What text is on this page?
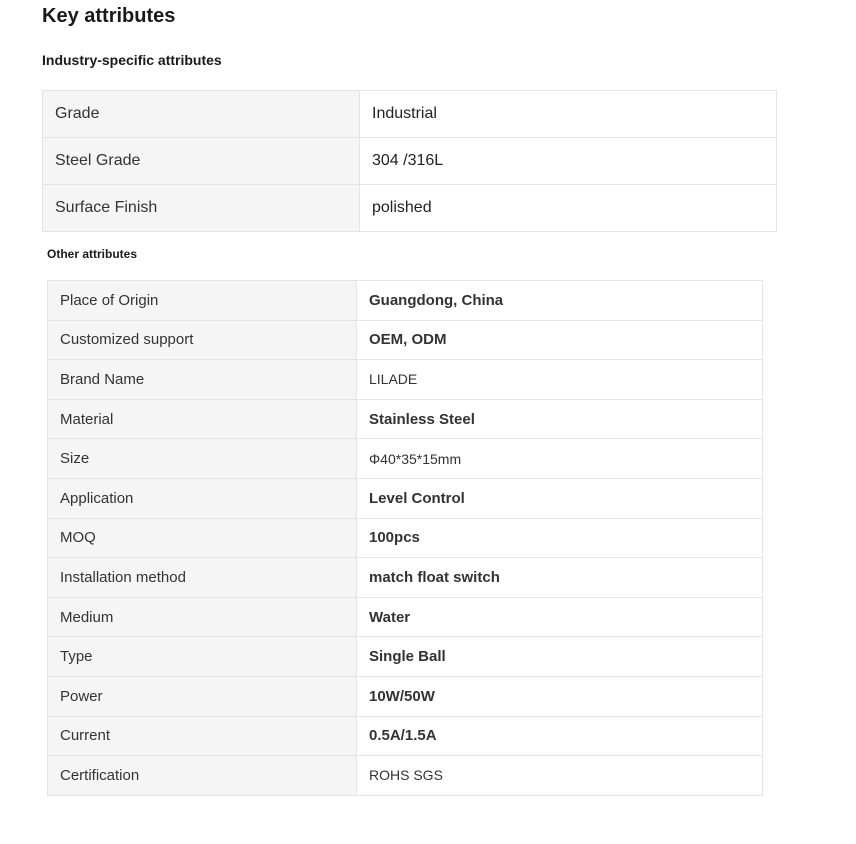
Key attributes
Industry-specific attributes
Grade	Industrial
Steel Grade	304 /316L
Surface Finish	polished
Other attributes
Place of Origin	Guangdong, China
Customized support	OEM, ODM
Brand Name	LILADE
Material	Stainless Steel
Size	Φ40*35*15mm
Application	Level Control
MOQ	100pcs
Installation method	match float switch
Medium	Water
Type	Single Ball
Power	10W/50W
Current	0.5A/1.5A
Certification	ROHS SGS
